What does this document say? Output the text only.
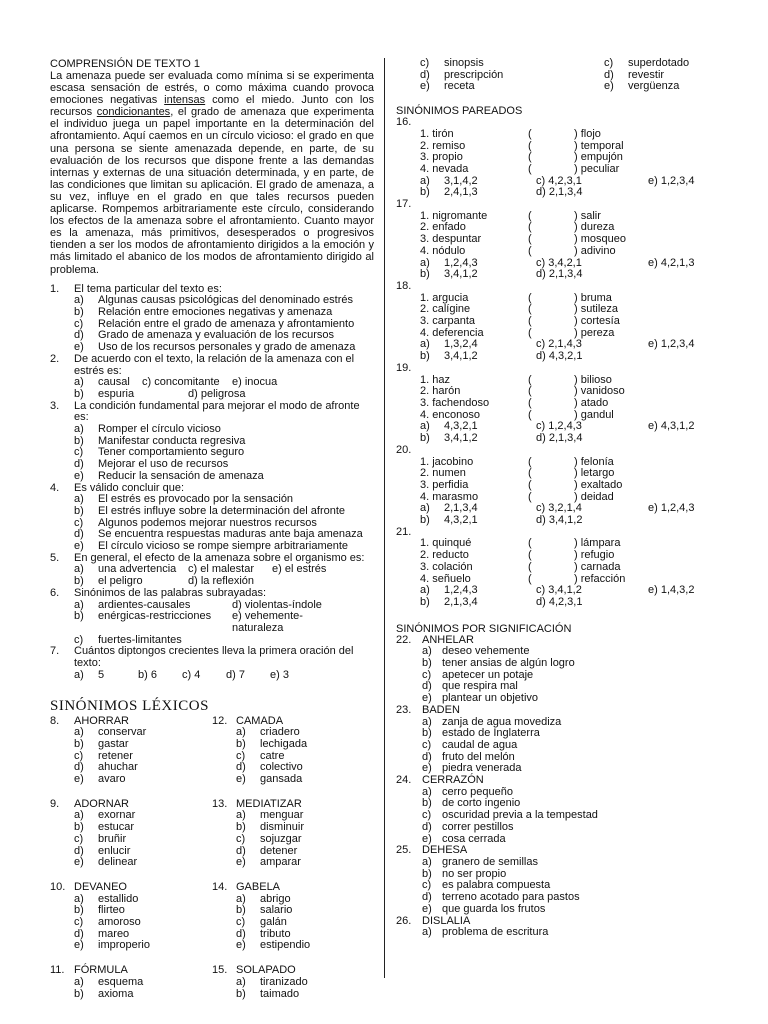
COMPRENSIÓN DE TEXTO 1
La amenaza puede ser evaluada como mínima si se experimenta escasa sensación de estrés, o como máxima cuando provoca emociones negativas intensas como el miedo. Junto con los recursos condicionantes, el grado de amenaza que experimenta el individuo juega un papel importante en la determinación del afrontamiento. Aquí caemos en un círculo vicioso: el grado en que una persona se siente amenazada depende, en parte, de su evaluación de los recursos que dispone frente a las demandas internas y externas de una situación determinada, y en parte, de las condiciones que limitan su aplicación. El grado de amenaza, a su vez, influye en el grado en que tales recursos pueden aplicarse. Rompemos arbitrariamente este círculo, considerando los efectos de la amenaza sobre el afrontamiento. Cuanto mayor es la amenaza, más primitivos, desesperados o progresivos tienden a ser los modos de afrontamiento dirigidos a la emoción y más limitado el abanico de los modos de afrontamiento dirigido al problema.
1.	El tema particular del texto es:
a)	Algunas causas psicológicas del denominado estrés
b)	Relación entre emociones negativas y amenaza
c)	Relación entre el grado de amenaza y afrontamiento
d)	Grado de amenaza y evaluación de los recursos
e)	Uso de los recursos personales y grado de amenaza
2.	De acuerdo con el texto, la relación de la amenaza con el estrés es:
a)	causal	c) concomitante	e) inocua
b)	espuria	d) peligrosa
3.	La condición fundamental para mejorar el modo de afronte es:
a)	Romper el círculo vicioso
b)	Manifestar conducta regresiva
c)	Tener comportamiento seguro
d)	Mejorar el uso de recursos
e)	Reducir la sensación de amenaza
4.	Es válido concluir que:
a)	El estrés es provocado por la sensación
b)	El estrés influye sobre la determinación del afronte
c)	Algunos podemos mejorar nuestros recursos
d)	Se encuentra respuestas maduras ante baja amenaza
e)	El círculo vicioso se rompe siempre arbitrariamente
5.	En general, el efecto de la amenaza sobre el organismo es:
a)	una advertencia	c) el malestar	e) el estrés
b)	el peligro	d) la reflexión
6.	Sinónimos de las palabras subrayadas:
a)	ardientes-causales	d) violentas-índole
b)	enérgicas-restricciones	e) vehemente-naturaleza
c)	fuertes-limitantes
7.	Cuántos diptongos crecientes lleva la primera oración del texto:
a)	5	b) 6	c) 4	d) 7	e) 3
SINÓNIMOS LÉXICOS
8.	AHORRAR
a)	conservar
b)	gastar
c)	retener
d)	ahuchar
e)	avaro
12. CAMADA
a)	criadero
b)	lechigada
c)	catre
d)	colectivo
e)	gansada
9.	ADORNAR
a)	exornar
b)	estucar
c)	bruñir
d)	enlucir
e)	delinear
13. MEDIATIZAR
a)	menguar
b)	disminuir
c)	sojuzgar
d)	detener
e)	amparar
10. DEVANEO
a)	estallido
b)	flirteo
c)	amoroso
d)	mareo
e)	improperio
14. GABELA
a)	abrigo
b)	salario
c)	galán
d)	tributo
e)	estipendio
11. FÓRMULA
a)	esquema
b)	axioma
15. SOLAPADO
a)	tiranizado
b)	taimado
c)	sinopsis	c)	superdotado
d)	prescripción	d)	revestir
e)	receta	e)	vergüenza
SINÓNIMOS PAREADOS
16.
1. tirón	(	) flojo
2. remiso	(	) temporal
3. propio	(	) empujón
4. nevada	(	) peculiar
a)	3,1,4,2	c) 4,2,3,1	e) 1,2,3,4
b)	2,4,1,3	d) 2,1,3,4
17.
1. nigromante	(	) salir
2. enfado	(	) dureza
3. despuntar	(	) mosqueo
4. nódulo	(	) adivino
a)	1,2,4,3	c) 3,4,2,1	e) 4,2,1,3
b)	3,4,1,2	d) 2,1,3,4
18.
1. argucia	(	) bruma
2. calígine	(	) sutileza
3. carpanta	(	) cortesía
4. deferencia	(	) pereza
a)	1,3,2,4	c) 2,1,4,3	e) 1,2,3,4
b)	3,4,1,2	d) 4,3,2,1
19.
1. haz	(	) bilioso
2. harón	(	) vanidoso
3. fachendoso	(	) atado
4. enconoso	(	) gandul
a)	4,3,2,1	c) 1,2,4,3	e) 4,3,1,2
b)	3,4,1,2	d) 2,1,3,4
20.
1. jacobino	(	) felonía
2. numen	(	) letargo
3. perfidia	(	) exaltado
4. marasmo	(	) deidad
a)	2,1,3,4	c) 3,2,1,4	e) 1,2,4,3
b)	4,3,2,1	d) 3,4,1,2
21.
1. quinqué	(	) lámpara
2. reducto	(	) refugio
3. colación	(	) carnada
4. señuelo	(	) refacción
a)	1,2,4,3	c) 3,4,1,2	e) 1,4,3,2
b)	2,1,3,4	d) 4,2,3,1
SINÓNIMOS POR SIGNIFICACIÓN
22. ANHELAR
a) deseo vehemente
b) tener ansias de algún logro
c) apetecer un potaje
d) que respira mal
e) plantear un objetivo
23. BADEN
a) zanja de agua movediza
b) estado de Inglaterra
c) caudal de agua
d) fruto del melón
e) piedra venerada
24. CERRAZÓN
a) cerro pequeño
b) de corto ingenio
c) oscuridad previa a la tempestad
d) correr pestillos
e) cosa cerrada
25. DEHESA
a) granero de semillas
b) no ser propio
c) es palabra compuesta
d) terreno acotado para pastos
e) que guarda los frutos
26. DISLALIA
a) problema de escritura
